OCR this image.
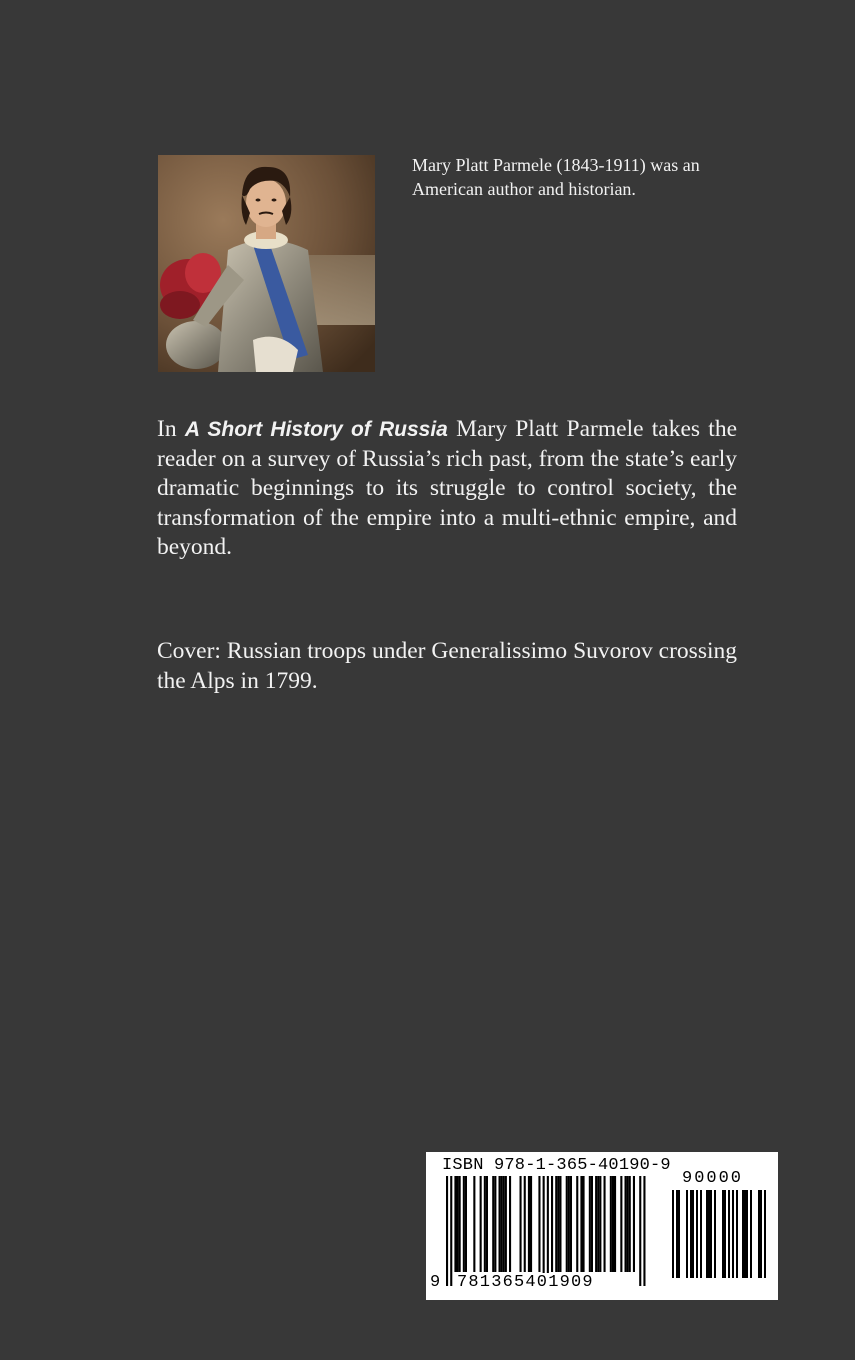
Mary Platt Parmele (1843-1911) was an American author and historian.

In A Short History of Russia Mary Platt Parmele takes the reader on a survey of Russia’s rich past, from the state’s early dramatic beginnings to its struggle to control society, the transformation of the empire into a multi-ethnic empire, and beyond.

Cover: Russian troops under Generalissimo Suvorov crossing the Alps in 1799.

ISBN 978-1-365-40190-9
90000
9 781365401909
